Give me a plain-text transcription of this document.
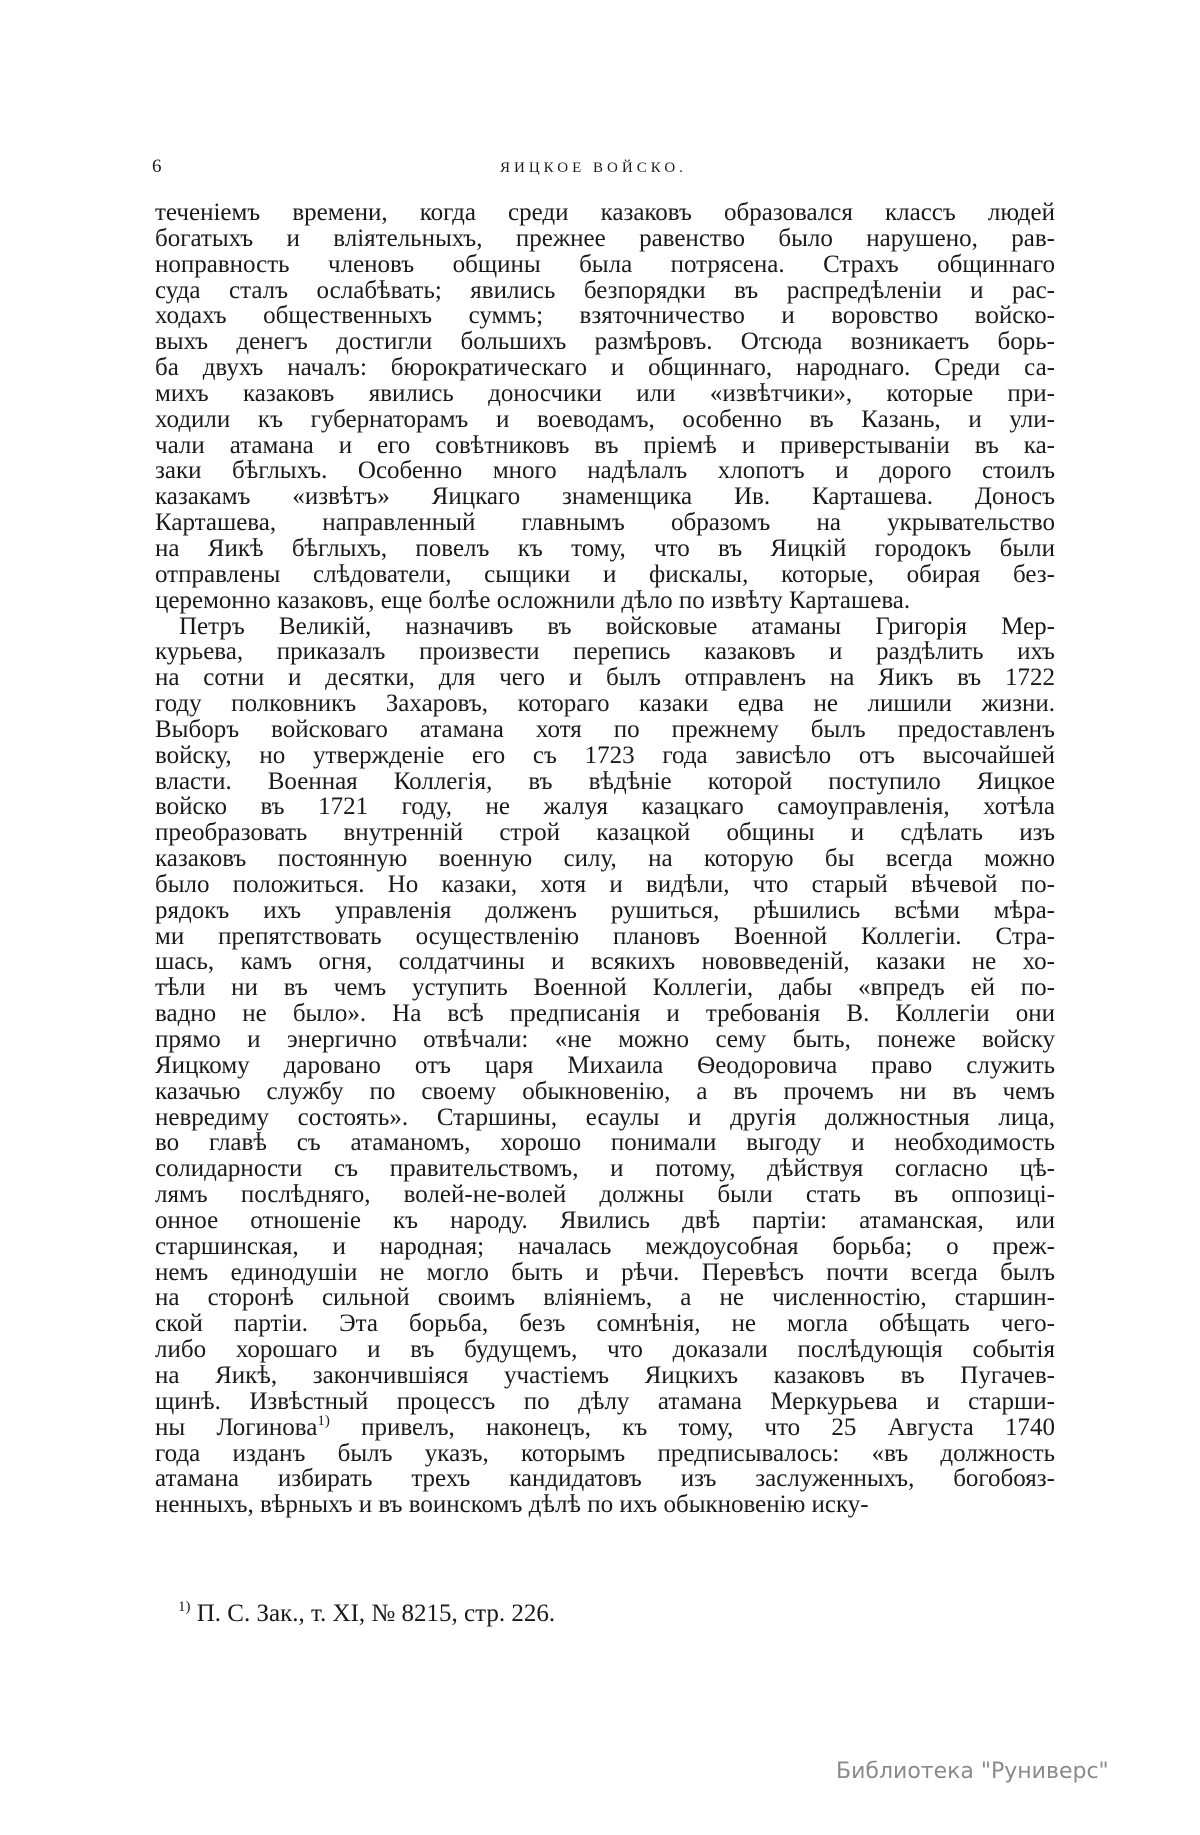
6	ЯИЦКОЕ ВОЙСКО.
теченіемъ времени, когда среди казаковъ образовался классъ людей
богатыхъ и вліятельныхъ, прежнее равенство было нарушено, рав-
ноправность членовъ общины была потрясена. Страхъ общиннаго
суда сталъ ослабѣвать; явились безпорядки въ распредѣленіи и рас-
ходахъ общественныхъ суммъ; взяточничество и воровство войско-
выхъ денегъ достигли большихъ размѣровъ. Отсюда возникаетъ борь-
ба двухъ началъ: бюрократическаго и общиннаго, народнаго. Среди са-
михъ казаковъ явились доносчики или «извѣтчики», которые при-
ходили къ губернаторамъ и воеводамъ, особенно въ Казань, и ули-
чали атамана и его совѣтниковъ въ пріемѣ и приверстываніи въ ка-
заки бѣглыхъ. Особенно много надѣлалъ хлопотъ и дорого стоилъ
казакамъ «извѣтъ» Яицкаго знаменщика Ив. Карташева. Доносъ
Карташева, направленный главнымъ образомъ на укрывательство
на Яикѣ бѣглыхъ, повелъ къ тому, что въ Яицкій городокъ были
отправлены слѣдователи, сыщики и фискалы, которые, обирая без-
церемонно казаковъ, еще болѣе осложнили дѣло по извѣту Карташева.
Петръ Великій, назначивъ въ войсковые атаманы Григорія Мер-
курьева, приказалъ произвести перепись казаковъ и раздѣлить ихъ
на сотни и десятки, для чего и былъ отправленъ на Яикъ въ 1722
году полковникъ Захаровъ, котораго казаки едва не лишили жизни.
Выборъ войсковаго атамана хотя по прежнему былъ предоставленъ
войску, но утвержденіе его съ 1723 года зависѣло отъ высочайшей
власти. Военная Коллегія, въ вѣдѣніе которой поступило Яицкое
войско въ 1721 году, не жалуя казацкаго самоуправленія, хотѣла
преобразовать внутренній строй казацкой общины и сдѣлать изъ
казаковъ постоянную военную силу, на которую бы всегда можно
было положиться. Но казаки, хотя и видѣли, что старый вѣчевой по-
рядокъ ихъ управленія долженъ рушиться, рѣшились всѣми мѣра-
ми препятствовать осуществленію плановъ Военной Коллегіи. Стра-
шась, камъ огня, солдатчины и всякихъ нововведеній, казаки не хо-
тѣли ни въ чемъ уступить Военной Коллегіи, дабы «впредъ ей по-
вадно не было». На всѣ предписанія и требованія В. Коллегіи они
прямо и энергично отвѣчали: «не можно сему быть, понеже войску
Яицкому даровано отъ царя Михаила Ѳеодоровича право служить
казачью службу по своему обыкновенію, а въ прочемъ ни въ чемъ
невредиму состоять». Старшины, есаулы и другія должностныя лица,
во главѣ съ атаманомъ, хорошо понимали выгоду и необходимость
солидарности съ правительствомъ, и потому, дѣйствуя согласно цѣ-
лямъ послѣдняго, волей-не-волей должны были стать въ оппозиці-
онное отношеніе къ народу. Явились двѣ партіи: атаманская, или
старшинская, и народная; началась междоусобная борьба; о преж-
немъ единодушіи не могло быть и рѣчи. Перевѣсъ почти всегда былъ
на сторонѣ сильной своимъ вліяніемъ, а не численностію, старшин-
ской партіи. Эта борьба, безъ сомнѣнія, не могла обѣщать чего-
либо хорошаго и въ будущемъ, что доказали послѣдующія событія
на Яикѣ, закончившіяся участіемъ Яицкихъ казаковъ въ Пугачев-
щинѣ. Извѣстный процессъ по дѣлу атамана Меркурьева и старши-
ны Логинова$^{1)}$ привелъ, наконецъ, къ тому, что 25 Августа 1740
года изданъ былъ указъ, которымъ предписывалось: «въ должность
атамана избирать трехъ кандидатовъ изъ заслуженныхъ, богобояз-
ненныхъ, вѣрныхъ и въ воинскомъ дѣлѣ по ихъ обыкновенію иску-
$^{1)}$ П. С. Зак., т. XI, № 8215, стр. 226.
Библиотека "Руниверс"
